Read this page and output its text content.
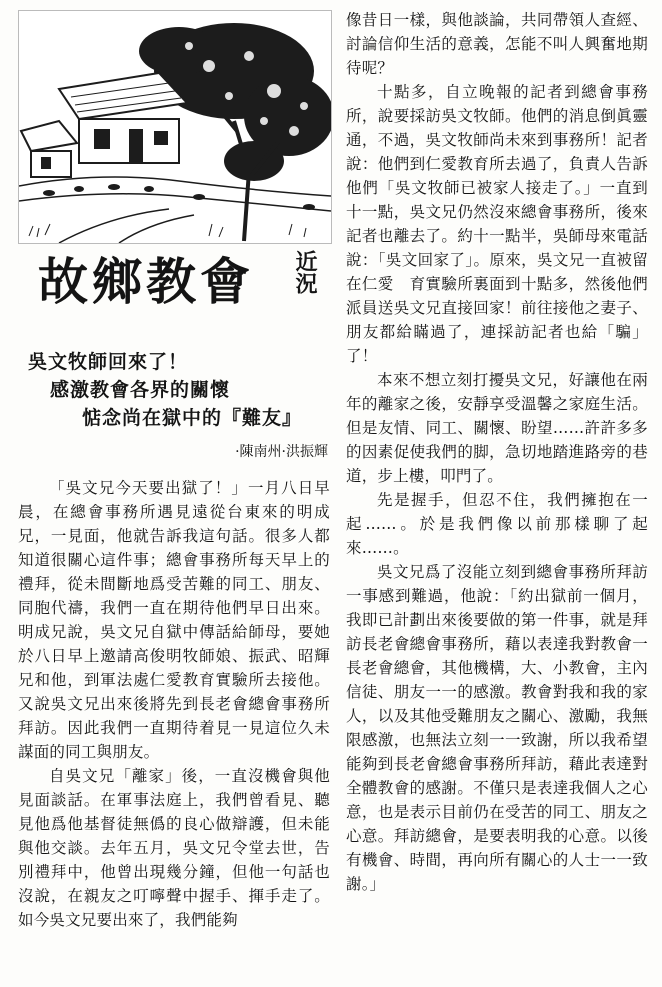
故鄉教會 近況
吳文牧師回來了！
感激教會各界的關懷
惦念尚在獄中的『難友』
·陳南州·洪振輝

「吳文兄今天要出獄了！」一月八日早晨，在總會事務所遇見遠從台東來的明成兄，一見面，他就告訴我這句話。很多人都知道很關心這件事；總會事務所每天早上的禮拜，從未間斷地爲受苦難的同工、朋友、同胞代禱，我們一直在期待他們早日出來。明成兄說，吳文兄自獄中傳話給師母，要她於八日早上邀請高俊明牧師娘、振武、昭輝兄和他，到軍法處仁愛教育實驗所去接他。又說吳文兄出來後將先到長老會總會事務所拜訪。因此我們一直期待着見一見這位久未謀面的同工與朋友。

自吳文兄「離家」後，一直沒機會與他見面談話。在軍事法庭上，我們曾看見、聽見他爲他基督徒無僞的良心做辯護，但未能與他交談。去年五月，吳文兄令堂去世，告別禮拜中，他曾出現幾分鐘，但他一句話也沒說，在親友之叮嚀聲中握手、揮手走了。如今吳文兄要出來了，我們能夠

像昔日一樣，與他談論，共同帶領人查經、討論信仰生活的意義，怎能不叫人興奮地期待呢？

十點多，自立晚報的記者到總會事務所，說要採訪吳文牧師。他們的消息倒眞靈通，不過，吳文牧師尚未來到事務所！記者說：他們到仁愛教育所去過了，負責人告訴他們「吳文牧師已被家人接走了。」一直到十一點，吳文兄仍然沒來總會事務所，後來記者也離去了。約十一點半，吳師母來電話說：「吳文回家了」。原來，吳文兄一直被留在仁愛　育實驗所裏面到十點多，然後他們派員送吳文兄直接回家！前往接他之妻子、朋友都給瞞過了，連採訪記者也給「騙」了！

本來不想立刻打擾吳文兄，好讓他在兩年的離家之後，安靜享受溫馨之家庭生活。但是友情、同工、關懷、盼望……許許多多的因素促使我們的脚，急切地踏進路旁的巷道，步上樓，叩門了。

先是握手，但忍不住，我們擁抱在一起……。於是我們像以前那樣聊了起來……。

吳文兄爲了沒能立刻到總會事務所拜訪一事感到難過，他說：「約出獄前一個月，我即已計劃出來後要做的第一件事，就是拜訪長老會總會事務所，藉以表達我對教會一長老會總會，其他機構，大、小教會，主內信徒、朋友一一的感激。教會對我和我的家人，以及其他受難朋友之關心、激勵，我無限感激，也無法立刻一一致謝，所以我希望能夠到長老會總會事務所拜訪，藉此表達對全體教會的感謝。不僅只是表達我個人之心意，也是表示目前仍在受苦的同工、朋友之心意。拜訪總會，是要表明我的心意。以後有機會、時間，再向所有關心的人士一一致謝。」
